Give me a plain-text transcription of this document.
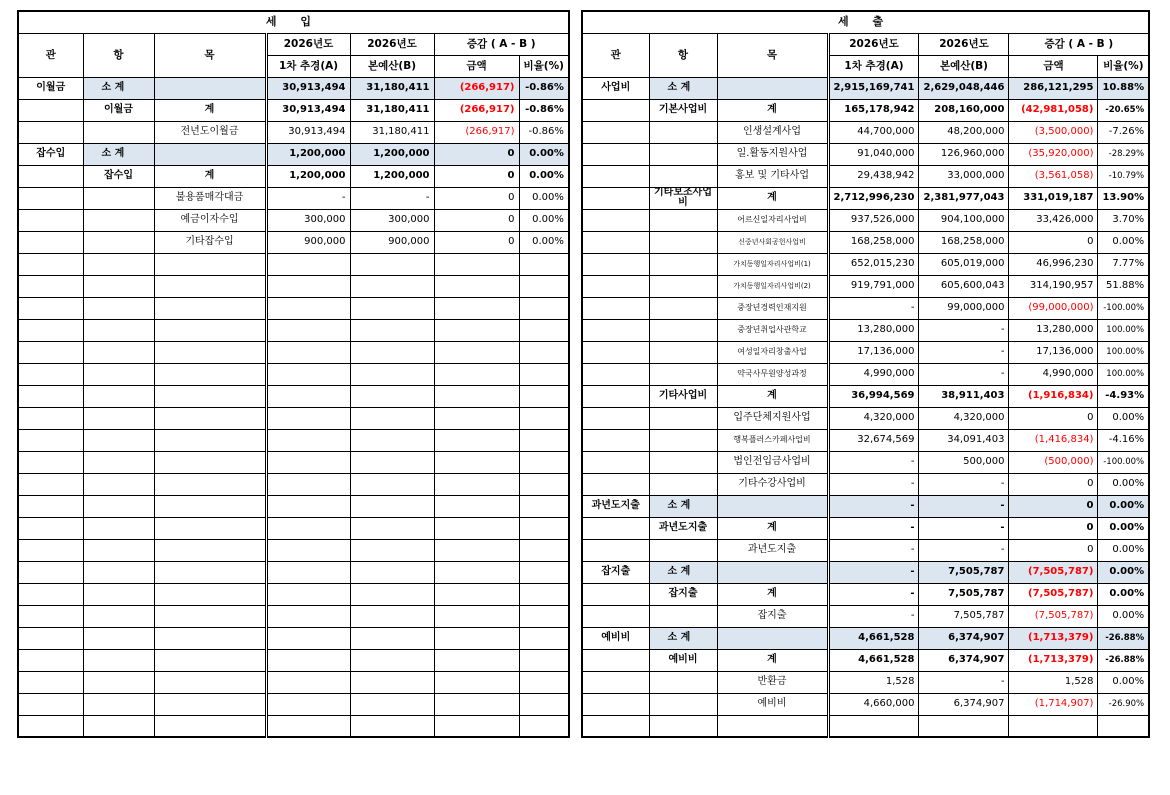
세 입						
관	항	목	2026년도	2026년도	증감 ( A - B )	
			1차 추경(A)	본예산(B)	금액	비율(%)
이월금	소 계		30,913,494	31,180,411	(266,917)	-0.86%
	이월금	계	30,913,494	31,180,411	(266,917)	-0.86%
		전년도이월금	30,913,494	31,180,411	(266,917)	-0.86%
잡수입	소 계		1,200,000	1,200,000	0	0.00%
	잡수입	계	1,200,000	1,200,000	0	0.00%
		불용품매각대금	-	-	0	0.00%
		예금이자수입	300,000	300,000	0	0.00%
		기타잡수입	900,000	900,000	0	0.00%

세 출						
관	항	목	2026년도	2026년도	증감 ( A - B )	
			1차 추경(A)	본예산(B)	금액	비율(%)
사업비	소 계		2,915,169,741	2,629,048,446	286,121,295	10.88%
	기본사업비	계	165,178,942	208,160,000	(42,981,058)	-20.65%
		인생설계사업	44,700,000	48,200,000	(3,500,000)	-7.26%
		일.활동지원사업	91,040,000	126,960,000	(35,920,000)	-28.29%
		홍보 및 기타사업	29,438,942	33,000,000	(3,561,058)	-10.79%
	기타보조사업비	계	2,712,996,230	2,381,977,043	331,019,187	13.90%
		어르신일자리사업비	937,526,000	904,100,000	33,426,000	3.70%
		신중년사회공헌사업비	168,258,000	168,258,000	0	0.00%
		가치동행일자리사업비(1)	652,015,230	605,019,000	46,996,230	7.77%
		가치동행일자리사업비(2)	919,791,000	605,600,043	314,190,957	51.88%
		중장년경력인재지원	-	99,000,000	(99,000,000)	-100.00%
		중장년취업사관학교	13,280,000	-	13,280,000	100.00%
		여성일자리창출사업	17,136,000	-	17,136,000	100.00%
		약국사무원양성과정	4,990,000	-	4,990,000	100.00%
	기타사업비	계	36,994,569	38,911,403	(1,916,834)	-4.93%
		입주단체지원사업	4,320,000	4,320,000	0	0.00%
		행복플러스카페사업비	32,674,569	34,091,403	(1,416,834)	-4.16%
		법인전입금사업비	-	500,000	(500,000)	-100.00%
		기타수강사업비	-	-	0	0.00%
과년도지출	소 계		-	-	0	0.00%
	과년도지출	계	-	-	0	0.00%
		과년도지출	-	-	0	0.00%
잡지출	소 계		-	7,505,787	(7,505,787)	0.00%
	잡지출	계	-	7,505,787	(7,505,787)	0.00%
		잡지출	-	7,505,787	(7,505,787)	0.00%
예비비	소 계		4,661,528	6,374,907	(1,713,379)	-26.88%
	예비비	계	4,661,528	6,374,907	(1,713,379)	-26.88%
		반환금	1,528	-	1,528	0.00%
		예비비	4,660,000	6,374,907	(1,714,907)	-26.90%
